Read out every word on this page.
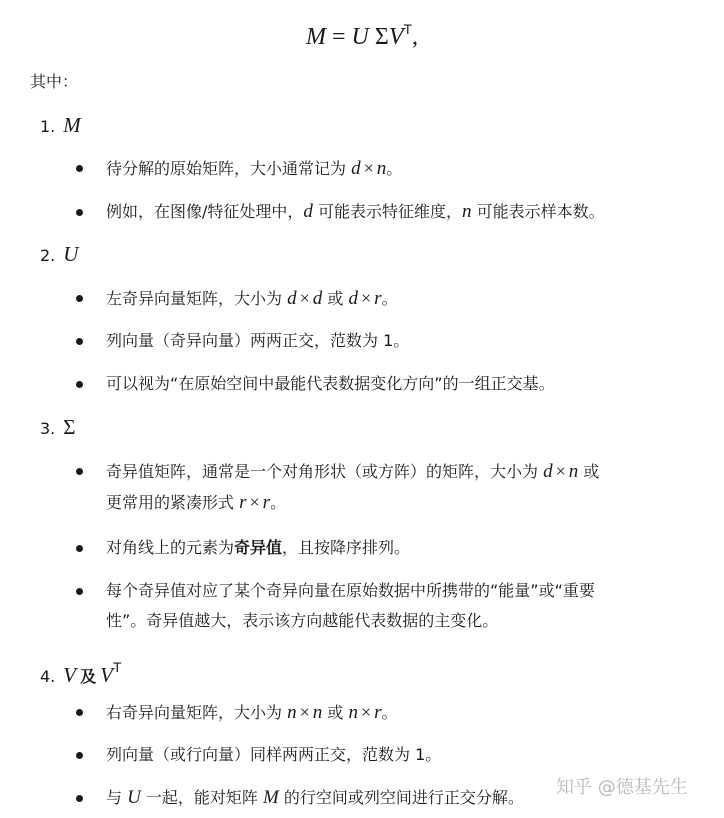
M = U $\Sigma V^T$,
其中：
1. M
待分解的原始矩阵，大小通常记为 d × n。
例如，在图像/特征处理中，d 可能表示特征维度，n 可能表示样本数。
2. U
左奇异向量矩阵，大小为 d × d 或 d × r。
列向量（奇异向量）两两正交，范数为 1。
可以视为“在原始空间中最能代表数据变化方向”的一组正交基。
3. Σ
奇异值矩阵，通常是一个对角形状（或方阵）的矩阵，大小为 d × n 或
更常用的紧凑形式 r × r。
对角线上的元素为奇异值，且按降序排列。
每个奇异值对应了某个奇异向量在原始数据中所携带的“能量”或“重要
性”。奇异值越大，表示该方向越能代表数据的主变化。
4. V 及 VT
右奇异向量矩阵，大小为 n × n 或 n × r。
列向量（或行向量）同样两两正交，范数为 1。
与 U 一起，能对矩阵 M 的行空间或列空间进行正交分解。	知乎 @德基先生
